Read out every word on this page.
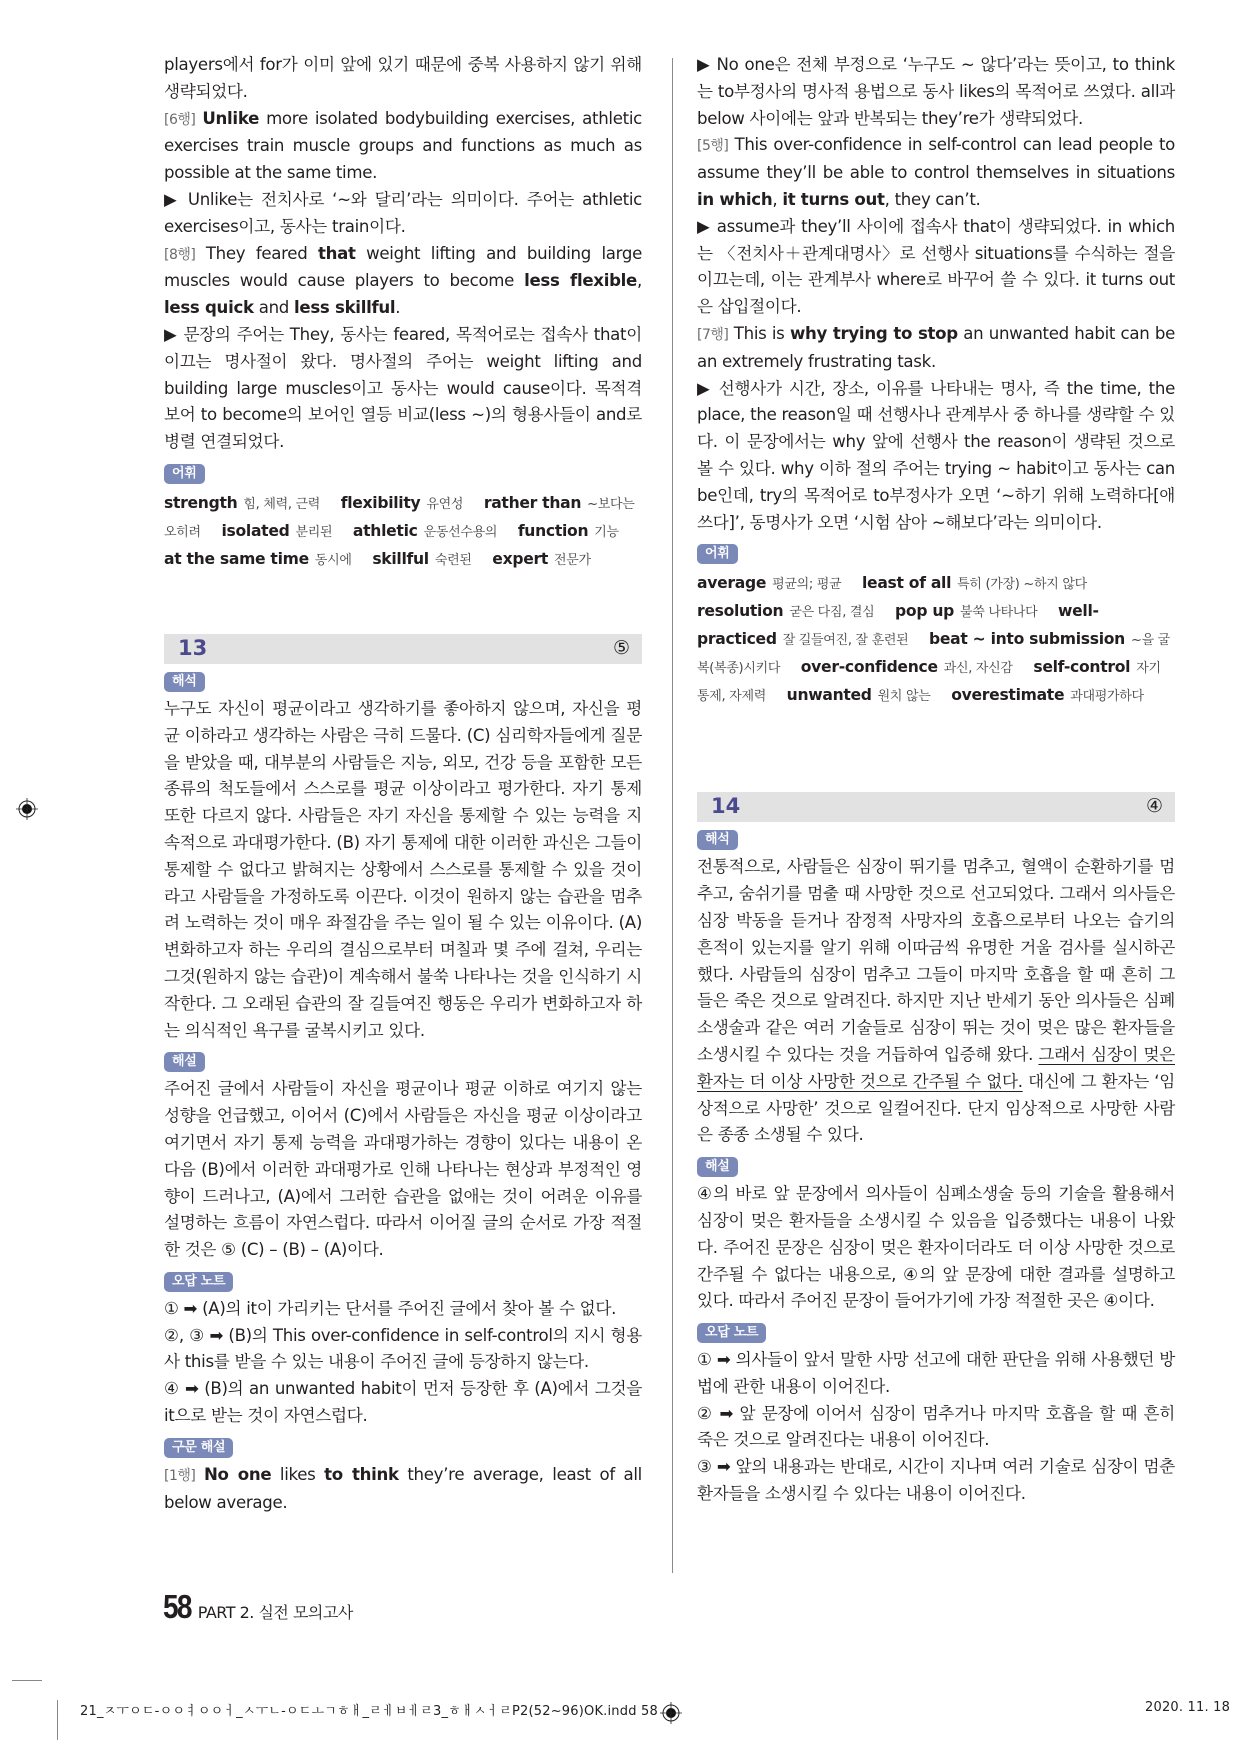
players에서 for가 이미 앞에 있기 때문에 중복 사용하지 않기 위해 생략되었다.

[6행] Unlike more isolated bodybuilding exercises, athletic exercises train muscle groups and functions as much as possible at the same time.

▶ Unlike는 전치사로 ‘~와 달리’라는 의미이다. 주어는 athletic exercises이고, 동사는 train이다.

[8행] They feared that weight lifting and building large muscles would cause players to become less flexible, less quick and less skillful.

▶ 문장의 주어는 They, 동사는 feared, 목적어로는 접속사 that이 이끄는 명사절이 왔다. 명사절의 주어는 weight lifting and building large muscles이고 동사는 would cause이다. 목적격 보어 to become의 보어인 열등 비교(less ~)의 형용사들이 and로 병렬 연결되었다.

어휘
strength 힘, 체력, 근력 flexibility 유연성 rather than ~보다는 오히려 isolated 분리된 athletic 운동선수용의 function 기능 at the same time 동시에 skillful 숙련된 expert 전문가
13	⑤
해석

누구도 자신이 평균이라고 생각하기를 좋아하지 않으며, 자신을 평균 이하라고 생각하는 사람은 극히 드물다. (C) 심리학자들에게 질문을 받았을 때, 대부분의 사람들은 지능, 외모, 건강 등을 포함한 모든 종류의 척도들에서 스스로를 평균 이상이라고 평가한다. 자기 통제 또한 다르지 않다. 사람들은 자기 자신을 통제할 수 있는 능력을 지속적으로 과대평가한다. (B) 자기 통제에 대한 이러한 과신은 그들이 통제할 수 없다고 밝혀지는 상황에서 스스로를 통제할 수 있을 것이라고 사람들을 가정하도록 이끈다. 이것이 원하지 않는 습관을 멈추려 노력하는 것이 매우 좌절감을 주는 일이 될 수 있는 이유이다. (A) 변화하고자 하는 우리의 결심으로부터 며칠과 몇 주에 걸쳐, 우리는 그것(원하지 않는 습관)이 계속해서 불쑥 나타나는 것을 인식하기 시작한다. 그 오래된 습관의 잘 길들여진 행동은 우리가 변화하고자 하는 의식적인 욕구를 굴복시키고 있다.

해설

주어진 글에서 사람들이 자신을 평균이나 평균 이하로 여기지 않는 성향을 언급했고, 이어서 (C)에서 사람들은 자신을 평균 이상이라고 여기면서 자기 통제 능력을 과대평가하는 경향이 있다는 내용이 온 다음 (B)에서 이러한 과대평가로 인해 나타나는 현상과 부정적인 영향이 드러나고, (A)에서 그러한 습관을 없애는 것이 어려운 이유를 설명하는 흐름이 자연스럽다. 따라서 이어질 글의 순서로 가장 적절한 것은 ⑤ (C) – (B) – (A)이다.

오답 노트

① ➡ (A)의 it이 가리키는 단서를 주어진 글에서 찾아 볼 수 없다.

②, ③ ➡ (B)의 This over-confidence in self-control의 지시 형용사 this를 받을 수 있는 내용이 주어진 글에 등장하지 않는다.

④ ➡ (B)의 an unwanted habit이 먼저 등장한 후 (A)에서 그것을 it으로 받는 것이 자연스럽다.

구문 해설

[1행] No one likes to think they’re average, least of all below average.

▶ No one은 전체 부정으로 ‘누구도 ~ 않다’라는 뜻이고, to think는 to부정사의 명사적 용법으로 동사 likes의 목적어로 쓰였다. all과 below 사이에는 앞과 반복되는 they’re가 생략되었다.

[5행] This over-confidence in self-control can lead people to assume they’ll be able to control themselves in situations in which, it turns out, they can’t.

▶ assume과 they’ll 사이에 접속사 that이 생략되었다. in which는 〈전치사＋관계대명사〉로 선행사 situations를 수식하는 절을 이끄는데, 이는 관계부사 where로 바꾸어 쓸 수 있다. it turns out은 삽입절이다.

[7행] This is why trying to stop an unwanted habit can be an extremely frustrating task.

▶ 선행사가 시간, 장소, 이유를 나타내는 명사, 즉 the time, the place, the reason일 때 선행사나 관계부사 중 하나를 생략할 수 있다. 이 문장에서는 why 앞에 선행사 the reason이 생략된 것으로 볼 수 있다. why 이하 절의 주어는 trying ~ habit이고 동사는 can be인데, try의 목적어로 to부정사가 오면 ‘~하기 위해 노력하다[애쓰다]’, 동명사가 오면 ‘시험 삼아 ~해보다’라는 의미이다.

어휘
average 평균의; 평균 least of all 특히 (가장) ~하지 않다 resolution 굳은 다짐, 결심 pop up 불쑥 나타나다 well-practiced 잘 길들여진, 잘 훈련된 beat ~ into submission ~을 굴복(복종)시키다 over-confidence 과신, 자신감 self-control 자기 통제, 자제력 unwanted 원치 않는 overestimate 과대평가하다
14	④
해석

전통적으로, 사람들은 심장이 뛰기를 멈추고, 혈액이 순환하기를 멈추고, 숨쉬기를 멈출 때 사망한 것으로 선고되었다. 그래서 의사들은 심장 박동을 듣거나 잠정적 사망자의 호흡으로부터 나오는 습기의 흔적이 있는지를 알기 위해 이따금씩 유명한 거울 검사를 실시하곤 했다. 사람들의 심장이 멈추고 그들이 마지막 호흡을 할 때 흔히 그들은 죽은 것으로 알려진다. 하지만 지난 반세기 동안 의사들은 심폐소생술과 같은 여러 기술들로 심장이 뛰는 것이 멎은 많은 환자들을 소생시킬 수 있다는 것을 거듭하여 입증해 왔다. 그래서 심장이 멎은 환자는 더 이상 사망한 것으로 간주될 수 없다. 대신에 그 환자는 ‘임상적으로 사망한’ 것으로 일컬어진다. 단지 임상적으로 사망한 사람은 종종 소생될 수 있다.

해설

④의 바로 앞 문장에서 의사들이 심폐소생술 등의 기술을 활용해서 심장이 멎은 환자들을 소생시킬 수 있음을 입증했다는 내용이 나왔다. 주어진 문장은 심장이 멎은 환자이더라도 더 이상 사망한 것으로 간주될 수 없다는 내용으로, ④의 앞 문장에 대한 결과를 설명하고 있다. 따라서 주어진 문장이 들어가기에 가장 적절한 곳은 ④이다.

오답 노트

① ➡ 의사들이 앞서 말한 사망 선고에 대한 판단을 위해 사용했던 방법에 관한 내용이 이어진다.

② ➡ 앞 문장에 이어서 심장이 멈추거나 마지막 호흡을 할 때 흔히 죽은 것으로 알려진다는 내용이 이어진다.

③ ➡ 앞의 내용과는 반대로, 시간이 지나며 여러 기술로 심장이 멈춘 환자들을 소생시킬 수 있다는 내용이 이어진다.

58 PART 2. 실전 모의고사
21_ㅈㅜㅇㄷ-ㅇㅇㅕㅇㅇㅓ_ㅅㅜㄴ-ㅇㄷㅗㄱㅎㅐ_ㄹㅔㅂㅔㄹ3_ㅎㅐㅅㅓㄹP2(52~96)OK.indd 58	2020. 11. 18
